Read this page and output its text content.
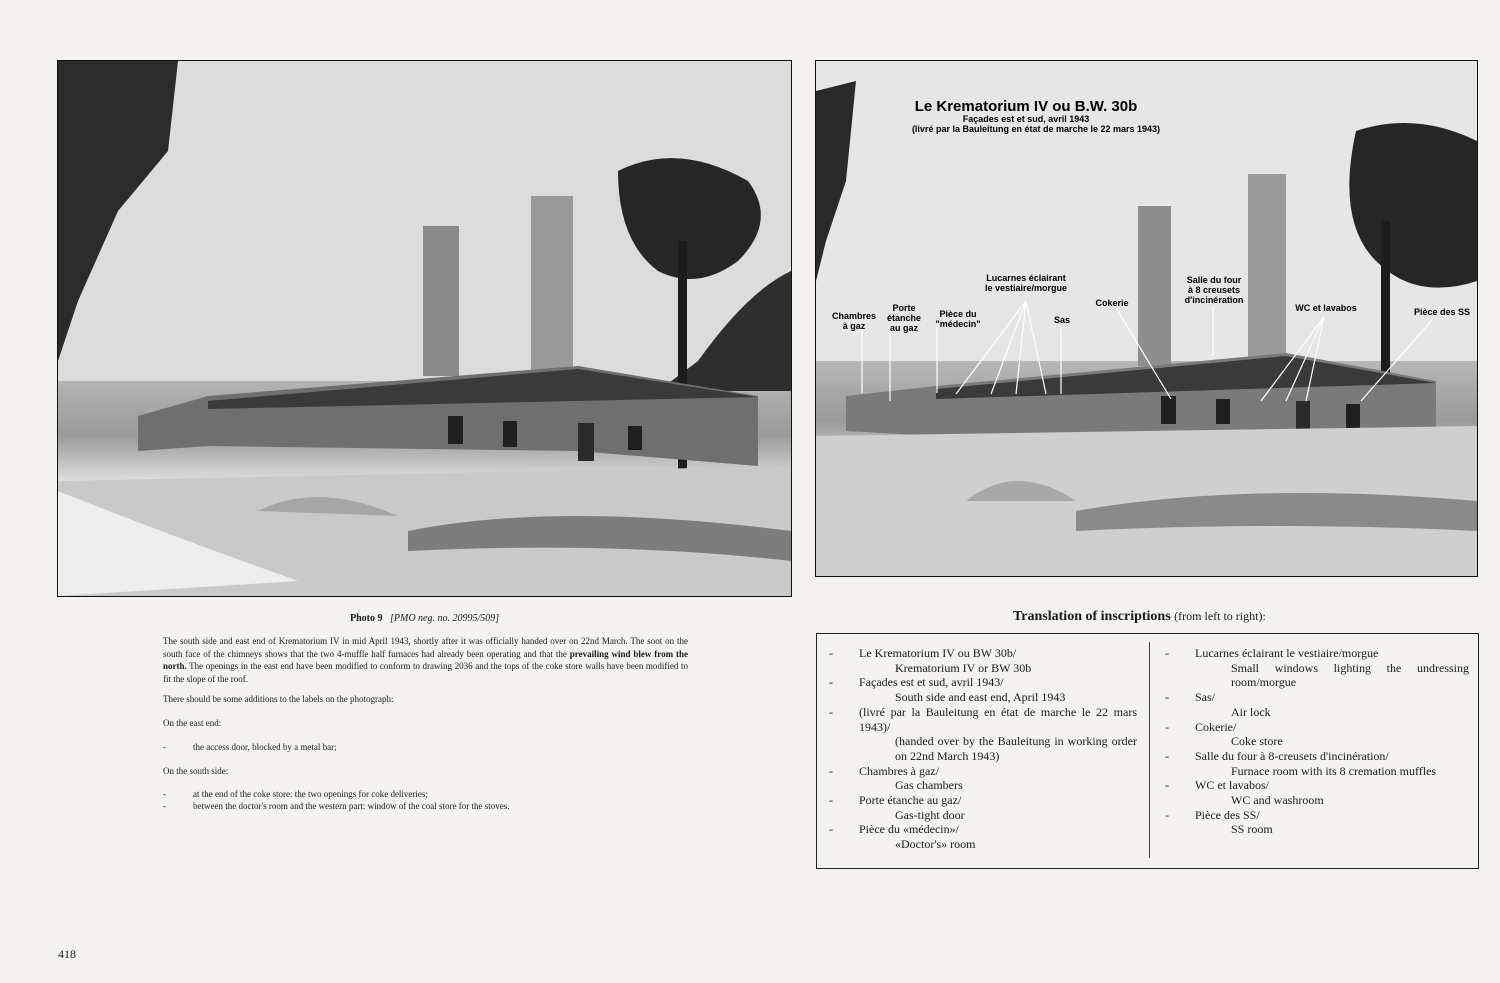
Le Krematorium IV ou B.W. 30b
Façades est et sud, avril 1943
(livré par la Bauleitung en état de marche le 22 mars 1943)
Chambres
à gaz
Porte
étanche
au gaz
Pièce du
"médecin"
Lucarnes éclairant
le vestiaire/morgue
Sas
Cokerie
Salle du four
à 8 creusets
d'incinération
WC et lavabos	Pièce des SS
Photo 9 [PMO neg. no. 20995/509]
The south side and east end of Krematorium IV in mid April 1943, shortly after it was officially handed over on 22nd March. The soot on the south face of the chimneys shows that the two 4-muffle half furnaces had already been operating and that the prevailing wind blew from the north. The openings in the east end have been modified to conform to drawing 2036 and the tops of the coke store walls have been modified to fit the slope of the roof.
There should be some additions to the labels on the photograph:
On the east end:
-	the access door, blocked by a metal bar;
On the south side:
-	at the end of the coke store: the two openings for coke deliveries;
-	between the doctor's room and the western part: window of the coal store for the stoves.
Translation of inscriptions (from left to right):
-	Le Krematorium IV ou BW 30b/
Krematorium IV or BW 30b
-	Façades est et sud, avril 1943/
South side and east end, April 1943
-	(livré par la Bauleitung en état de marche le 22 mars 1943)/
(handed over by the Bauleitung in working order on 22nd March 1943)
-	Chambres à gaz/
Gas chambers
-	Porte étanche au gaz/
Gas-tight door
-	Pièce du «médecin»/
«Doctor's» room
-	Lucarnes éclairant le vestiaire/morgue
Small windows lighting the undressing room/morgue
-	Sas/
Air lock
-	Cokerie/
Coke store
-	Salle du four à 8-creusets d'incinération/
Furnace room with its 8 cremation muffles
-	WC et lavabos/
WC and washroom
-	Pièce des SS/
SS room
418
